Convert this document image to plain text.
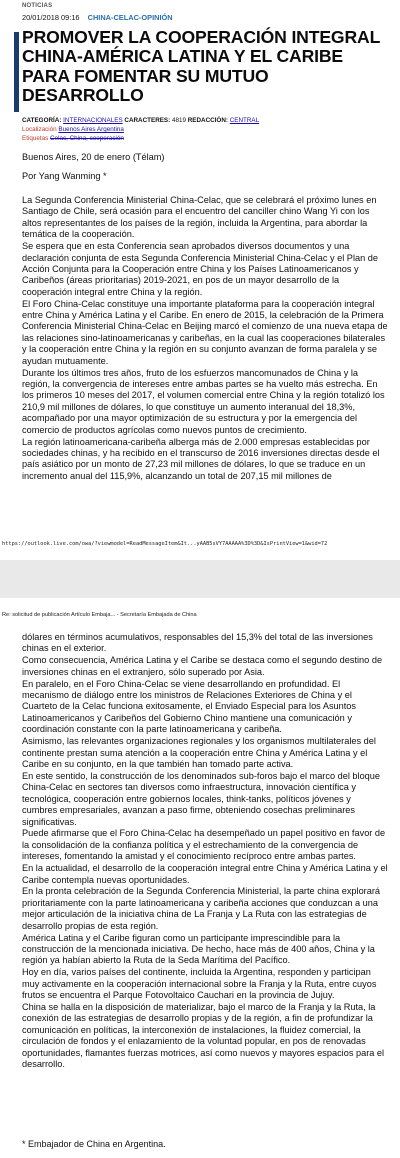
NOTICIAS
20/01/2018 09:16 CHINA-CELAC-OPINIÓN
PROMOVER LA COOPERACIÓN INTEGRAL CHINA-AMÉRICA LATINA Y EL CARIBE PARA FOMENTAR SU MUTUO DESARROLLO
CATEGORÍA: INTERNACIONALES CARACTERES: 4819 REDACCIÓN: CENTRAL
Localización Buenos Aires Argentina
Etiquetas Celac, China, cooperación
Buenos Aires, 20 de enero (Télam)
Por Yang Wanming *

La Segunda Conferencia Ministerial China-Celac, que se celebrará el próximo lunes en Santiago de Chile, será ocasión para el encuentro del canciller chino Wang Yi con los altos representantes de los países de la región, incluida la Argentina, para abordar la temática de la cooperación.

Se espera que en esta Conferencia sean aprobados diversos documentos y una declaración conjunta de esta Segunda Conferencia Ministerial China-Celac y el Plan de Acción Conjunta para la Cooperación entre China y los Países Latinoamericanos y Caribeños (áreas prioritarias) 2019-2021, en pos de un mayor desarrollo de la cooperación integral entre China y la región.

El Foro China-Celac constituye una importante plataforma para la cooperación integral entre China y América Latina y el Caribe. En enero de 2015, la celebración de la Primera Conferencia Ministerial China-Celac en Beijing marcó el comienzo de una nueva etapa de las relaciones sino-latinoamericanas y caribeñas, en la cual las cooperaciones bilaterales y la cooperación entre China y la región en su conjunto avanzan de forma paralela y se ayudan mutuamente.

Durante los últimos tres años, fruto de los esfuerzos mancomunados de China y la región, la convergencia de intereses entre ambas partes se ha vuelto más estrecha. En los primeros 10 meses del 2017, el volumen comercial entre China y la región totalizó los 210,9 mil millones de dólares, lo que constituye un aumento interanual del 18,3%, acompañado por una mayor optimización de su estructura y por la emergencia del comercio de productos agrícolas como nuevos puntos de crecimiento.

La región latinoamericana-caribeña alberga más de 2.000 empresas establecidas por sociedades chinas, y ha recibido en el transcurso de 2016 inversiones directas desde el país asiático por un monto de 27,23 mil millones de dólares, lo que se traduce en un incremento anual del 115,9%, alcanzando un total de 207,15 mil millones de

https://outlook.live.com/owa/?viewmodel=ReadMessageItem&It...yAAB5sVY7AAAAA%3D%3D&IsPrintView=1&wid=72
Re: solicitud de publicación Artículo Embaja... - Secretaría Embajada de China

dólares en términos acumulativos, responsables del 15,3% del total de las inversiones chinas en el exterior.

Como consecuencia, América Latina y el Caribe se destaca como el segundo destino de inversiones chinas en el extranjero, sólo superado por Asia.

En paralelo, en el Foro China-Celac se viene desarrollando en profundidad. El mecanismo de diálogo entre los ministros de Relaciones Exteriores de China y el Cuarteto de la Celac funciona exitosamente, el Enviado Especial para los Asuntos Latinoamericanos y Caribeños del Gobierno Chino mantiene una comunicación y coordinación constante con la parte latinoamericana y caribeña.

Asimismo, las relevantes organizaciones regionales y los organismos multilaterales del continente prestan suma atención a la cooperación entre China y América Latina y el Caribe en su conjunto, en la que también han tomado parte activa.

En este sentido, la construcción de los denominados sub-foros bajo el marco del bloque China-Celac en sectores tan diversos como infraestructura, innovación científica y tecnológica, cooperación entre gobiernos locales, think-tanks, políticos jóvenes y cumbres empresariales, avanzan a paso firme, obteniendo cosechas preliminares significativas.

Puede afirmarse que el Foro China-Celac ha desempeñado un papel positivo en favor de la consolidación de la confianza política y el estrechamiento de la convergencia de intereses, fomentando la amistad y el conocimiento recíproco entre ambas partes.

En la actualidad, el desarrollo de la cooperación integral entre China y América Latina y el Caribe contempla nuevas oportunidades.

En la pronta celebración de la Segunda Conferencia Ministerial, la parte china explorará prioritariamente con la parte latinoamericana y caribeña acciones que conduzcan a una mejor articulación de la iniciativa china de La Franja y La Ruta con las estrategias de desarrollo propias de esta región.

América Latina y el Caribe figuran como un participante imprescindible para la construcción de la mencionada iniciativa. De hecho, hace más de 400 años, China y la región ya habían abierto la Ruta de la Seda Marítima del Pacífico.

Hoy en día, varios países del continente, incluida la Argentina, responden y participan muy activamente en la cooperación internacional sobre la Franja y la Ruta, entre cuyos frutos se encuentra el Parque Fotovoltaico Cauchari en la provincia de Jujuy.

China se halla en la disposición de materializar, bajo el marco de la Franja y la Ruta, la conexión de las estrategias de desarrollo propias y de la región, a fin de profundizar la comunicación en políticas, la interconexión de instalaciones, la fluidez comercial, la circulación de fondos y el enlazamiento de la voluntad popular, en pos de renovadas oportunidades, flamantes fuerzas motrices, así como nuevos y mayores espacios para el desarrollo.

* Embajador de China en Argentina.
